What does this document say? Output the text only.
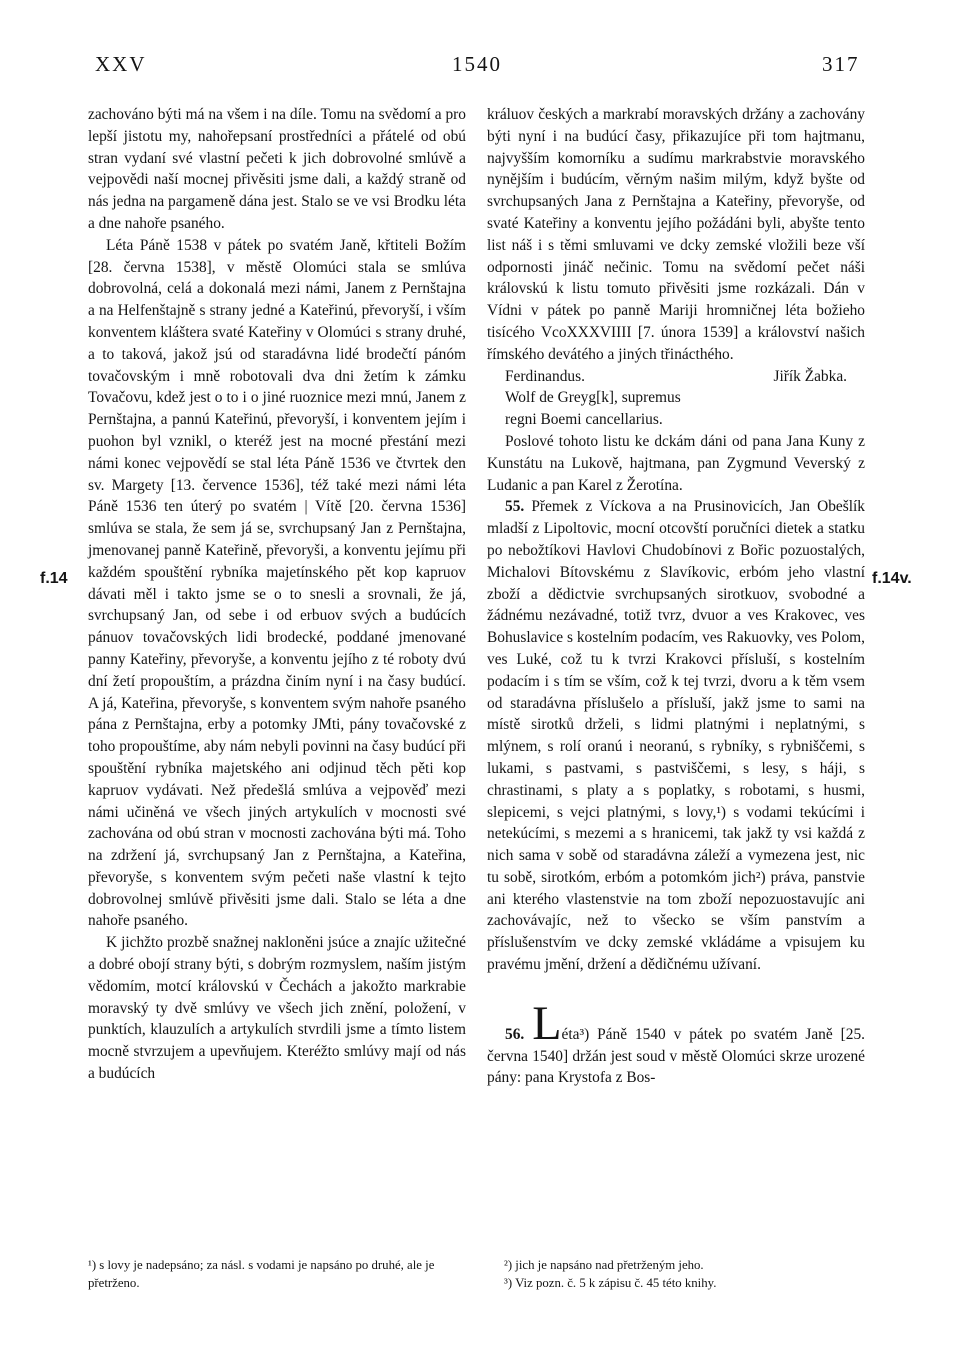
XXV	1540	317
f.14	f.14v.

zachováno býti má na všem i na díle. Tomu na svědomí a pro lepší jistotu my, nahořepsaní prostředníci a přátelé od obú stran vydaní své vlastní pečeti k jich dobrovolné smlúvě a vejpovědi naší mocnej přivěsiti jsme dali, a každý straně od nás jedna na pargameně dána jest. Stalo se ve vsi Brodku léta a dne nahoře psaného.

Léta Páně 1538 v pátek po svatém Janě, křtiteli Božím [28. června 1538], v městě Olomúci stala se smlúva dobrovolná, celá a dokonalá mezi námi, Janem z Pernštajna a na Helfenštajně s strany jedné a Kateřinú, převoryší, i vším konventem kláštera svaté Kateřiny v Olomúci s strany druhé, a to taková, jakož jsú od staradávna lidé brodečtí pánóm tovačovským i mně robotovali dva dni žetím k zámku Tovačovu, kdež jest o to i o jiné ruoznice mezi mnú, Janem z Pernštajna, a pannú Kateřinú, převoryší, i konventem jejím i puohon byl vznikl, o kteréž jest na mocné přestání mezi námi konec vejpovědí se stal léta Páně 1536 ve čtvrtek den sv. Margety [13. července 1536], též také mezi námi léta Páně 1536 ten úterý po svatém | Vítě [20. června 1536] smlúva se stala, že sem já se, svrchupsaný Jan z Pernštajna, jmenovanej panně Kateřině, převoryši, a konventu jejímu při každém spouštění rybníka majetínského pět kop kapruov dávati měl i takto jsme se o to snesli a srovnali, že já, svrchupsaný Jan, od sebe i od erbuov svých a budúcích pánuov tovačovských lidi brodecké, poddané jmenované panny Kateřiny, převoryše, a konventu jejího z té roboty dvú dní žetí propouštím, a prázdna činím nyní i na časy budúcí. A já, Kateřina, převoryše, s konventem svým nahoře psaného pána z Pernštajna, erby a potomky JMti, pány tovačovské z toho propouštíme, aby nám nebyli povinni na časy budúcí při spouštění rybníka majetského ani odjinud těch pěti kop kapruov vydávati. Než předešlá smlúva a vejpověď mezi námi učiněná ve všech jiných artykulích v mocnosti své zachována od obú stran v mocnosti zachována býti má. Toho na zdržení já, svrchupsaný Jan z Pernštajna, a Kateřina, převoryše, s konventem svým pečeti naše vlastní k tejto dobrovolnej smlúvě přivěsiti jsme dali. Stalo se léta a dne nahoře psaného.

K jichžto prozbě snažnej nakloněni jsúce a znajíc užitečné a dobré obojí strany býti, s dobrým rozmyslem, naším jistým vědomím, motcí královskú v Čechách a jakožto markrabie moravský ty dvě smlúvy ve všech jich znění, položení, v punktích, klauzulích a artykulích stvrdili jsme a tímto listem mocně stvrzujem a upevňujem. Kteréžto smlúvy mají od nás a budúcích

králuov českých a markrabí moravských držány a zachovány býti nyní i na budúcí časy, přikazujíce při tom hajtmanu, najvyšším komorníku a sudímu markrabstvie moravského nynějším i budúcím, věrným našim milým, když byšte od svrchupsaných Jana z Pernštajna a Kateřiny, převoryše, od svaté Kateřiny a konventu jejího požádáni byli, abyšte tento list náš i s těmi smluvami ve dcky zemské vložili beze vší odpornosti jináč nečinic. Tomu na svědomí pečet náši královskú k listu tomuto přivěsiti jsme rozkázali. Dán v Vídni v pátek po panně Mariji hromničnej léta božieho tisícého VcoXXXVIIII [7. února 1539] a království našich římského devátého a jiných třinácthého.

Ferdinandus.	Jiřík Žabka.
Wolf de Greyg[k], supremus
regni Boemi cancellarius.

Poslové tohoto listu ke dckám dáni od pana Jana Kuny z Kunstátu na Lukově, hajtmana, pan Zygmund Veverský z Ludanic a pan Karel z Žerotína.

55. Přemek z Víckova a na Prusinovicích, Jan Obešlík mladší z Lipoltovic, mocní otcovští poručníci dietek a statku po nebožtíkovi Havlovi Chudobínovi z Bořic pozuostalých, Michalovi Bítovskému z Slavíkovic, erbóm jeho vlastní zboží a dědictvie svrchupsaných sirotkuov, svobodné a žádnému nezávadné, totiž tvrz, dvuor a ves Krakovec, ves Bohuslavice s kostelním podacím, ves Rakuovky, ves Polom, ves Luké, což tu k tvrzi Krakovci přísluší, s kostelním podacím i s tím se vším, což k tej tvrzi, dvoru a k těm vsem od staradávna příslušelo a přísluší, jakž jsme to sami na místě sirotků drželi, s lidmi platnými i neplatnými, s mlýnem, s rolí oranú i neoranú, s rybníky, s rybniščemi, s lukami, s pastvami, s pastviščemi, s lesy, s háji, s chrastinami, s platy a s poplatky, s robotami, s husmi, slepicemi, s vejci platnými, s lovy,¹) s vodami tekúcími i netekúcími, s mezemi a s hranicemi, tak jakž ty vsi každá z nich sama v sobě od staradávna záleží a vymezena jest, nic tu sobě, sirotkóm, erbóm a potomkóm jich²) práva, panstvie ani kterého vlastenstvie na tom zboží nepozuostavujíc ani zachovávajíc, než to všecko se vším panstvím a příslušenstvím ve dcky zemské vkládáme a vpisujem ku pravému jmění, držení a dědičnému užívaní.

56. Léta³) Páně 1540 v pátek po svatém Janě [25. června 1540] držán jest soud v městě Olomúci skrze urozené pány: pana Krystofa z Bos-

¹) s lovy je nadepsáno; za násl. s vodami je napsáno po druhé, ale je přetrženo.
²) jich je napsáno nad přetrženým jeho.
³) Viz pozn. č. 5 k zápisu č. 45 této knihy.
